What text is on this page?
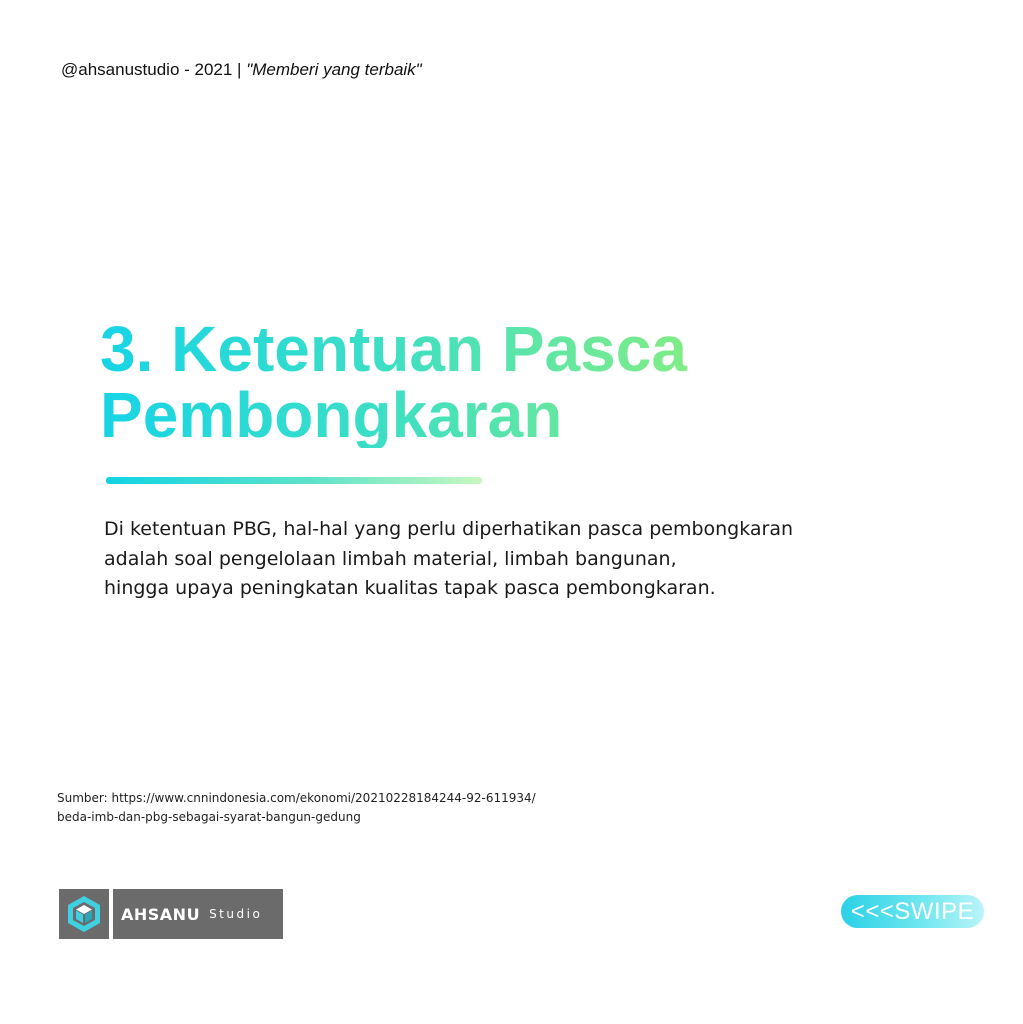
@ahsanustudio - 2021 | "Memberi yang terbaik"
3. Ketentuan Pasca
Pembongkaran
Di ketentuan PBG, hal-hal yang perlu diperhatikan pasca pembongkaran
adalah soal pengelolaan limbah material, limbah bangunan,
hingga upaya peningkatan kualitas tapak pasca pembongkaran.
Sumber: https://www.cnnindonesia.com/ekonomi/20210228184244-92-611934/
beda-imb-dan-pbg-sebagai-syarat-bangun-gedung
AHSANU Studio	<<<SWIPE
